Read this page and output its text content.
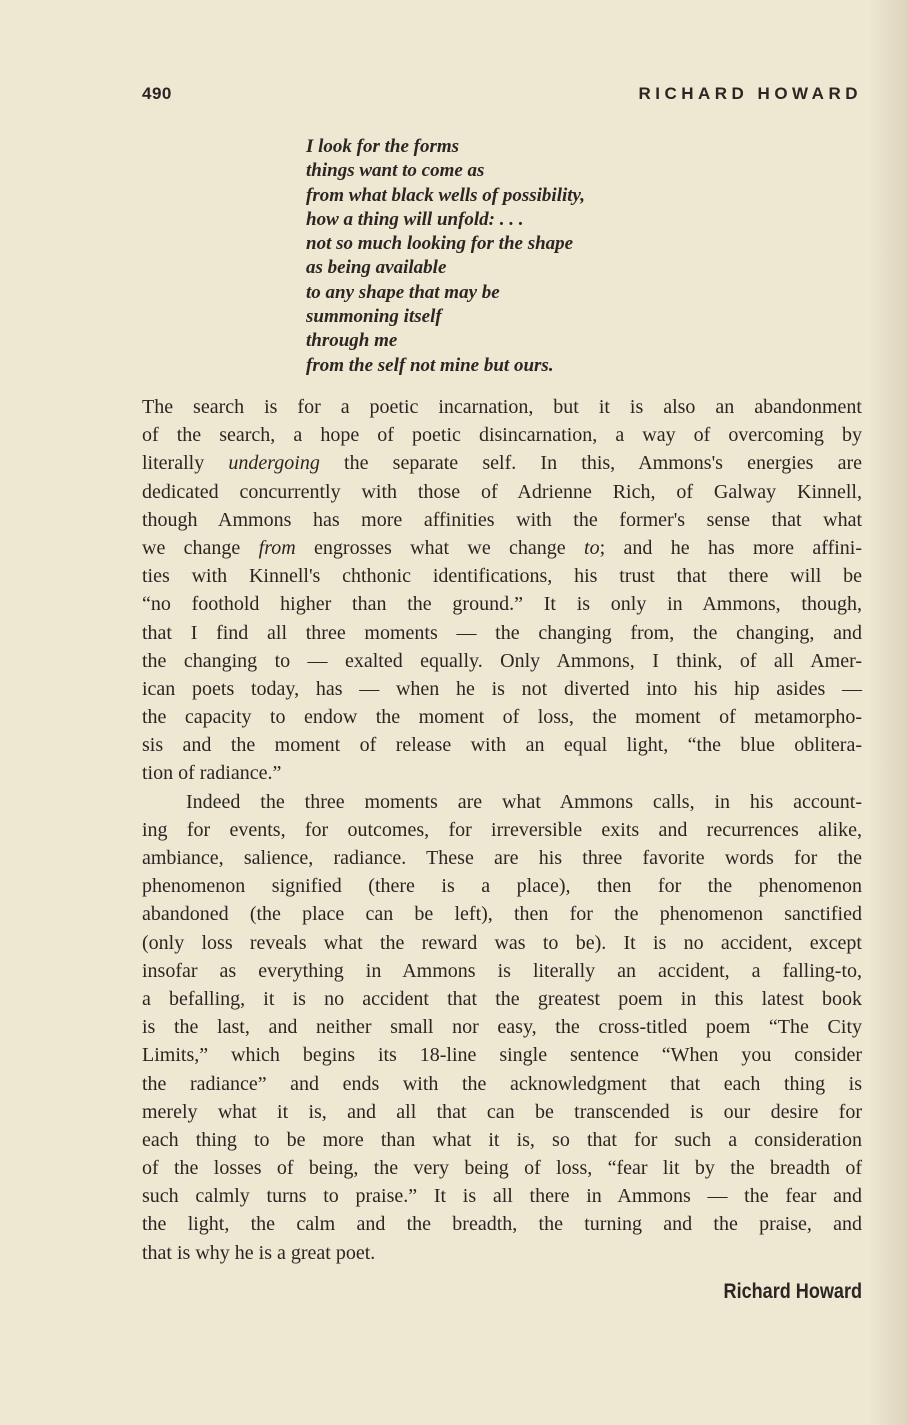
490	RICHARD HOWARD
I look for the forms
things want to come as
from what black wells of possibility,
how a thing will unfold: . . .
not so much looking for the shape
as being available
to any shape that may be
summoning itself
through me
from the self not mine but ours.

The search is for a poetic incarnation, but it is also an abandonment
of the search, a hope of poetic disincarnation, a way of overcoming by
literally undergoing the separate self. In this, Ammons's energies are
dedicated concurrently with those of Adrienne Rich, of Galway Kinnell,
though Ammons has more affinities with the former's sense that what
we change from engrosses what we change to; and he has more affini-
ties with Kinnell's chthonic identifications, his trust that there will be
“no foothold higher than the ground.” It is only in Ammons, though,
that I find all three moments — the changing from, the changing, and
the changing to — exalted equally. Only Ammons, I think, of all Amer-
ican poets today, has — when he is not diverted into his hip asides —
the capacity to endow the moment of loss, the moment of metamorpho-
sis and the moment of release with an equal light, “the blue oblitera-
tion of radiance.”

Indeed the three moments are what Ammons calls, in his account-
ing for events, for outcomes, for irreversible exits and recurrences alike,
ambiance, salience, radiance. These are his three favorite words for the
phenomenon signified (there is a place), then for the phenomenon
abandoned (the place can be left), then for the phenomenon sanctified
(only loss reveals what the reward was to be). It is no accident, except
insofar as everything in Ammons is literally an accident, a falling-to,
a befalling, it is no accident that the greatest poem in this latest book
is the last, and neither small nor easy, the cross-titled poem “The City
Limits,” which begins its 18-line single sentence “When you consider
the radiance” and ends with the acknowledgment that each thing is
merely what it is, and all that can be transcended is our desire for
each thing to be more than what it is, so that for such a consideration
of the losses of being, the very being of loss, “fear lit by the breadth of
such calmly turns to praise.” It is all there in Ammons — the fear and
the light, the calm and the breadth, the turning and the praise, and
that is why he is a great poet.

Richard Howard
